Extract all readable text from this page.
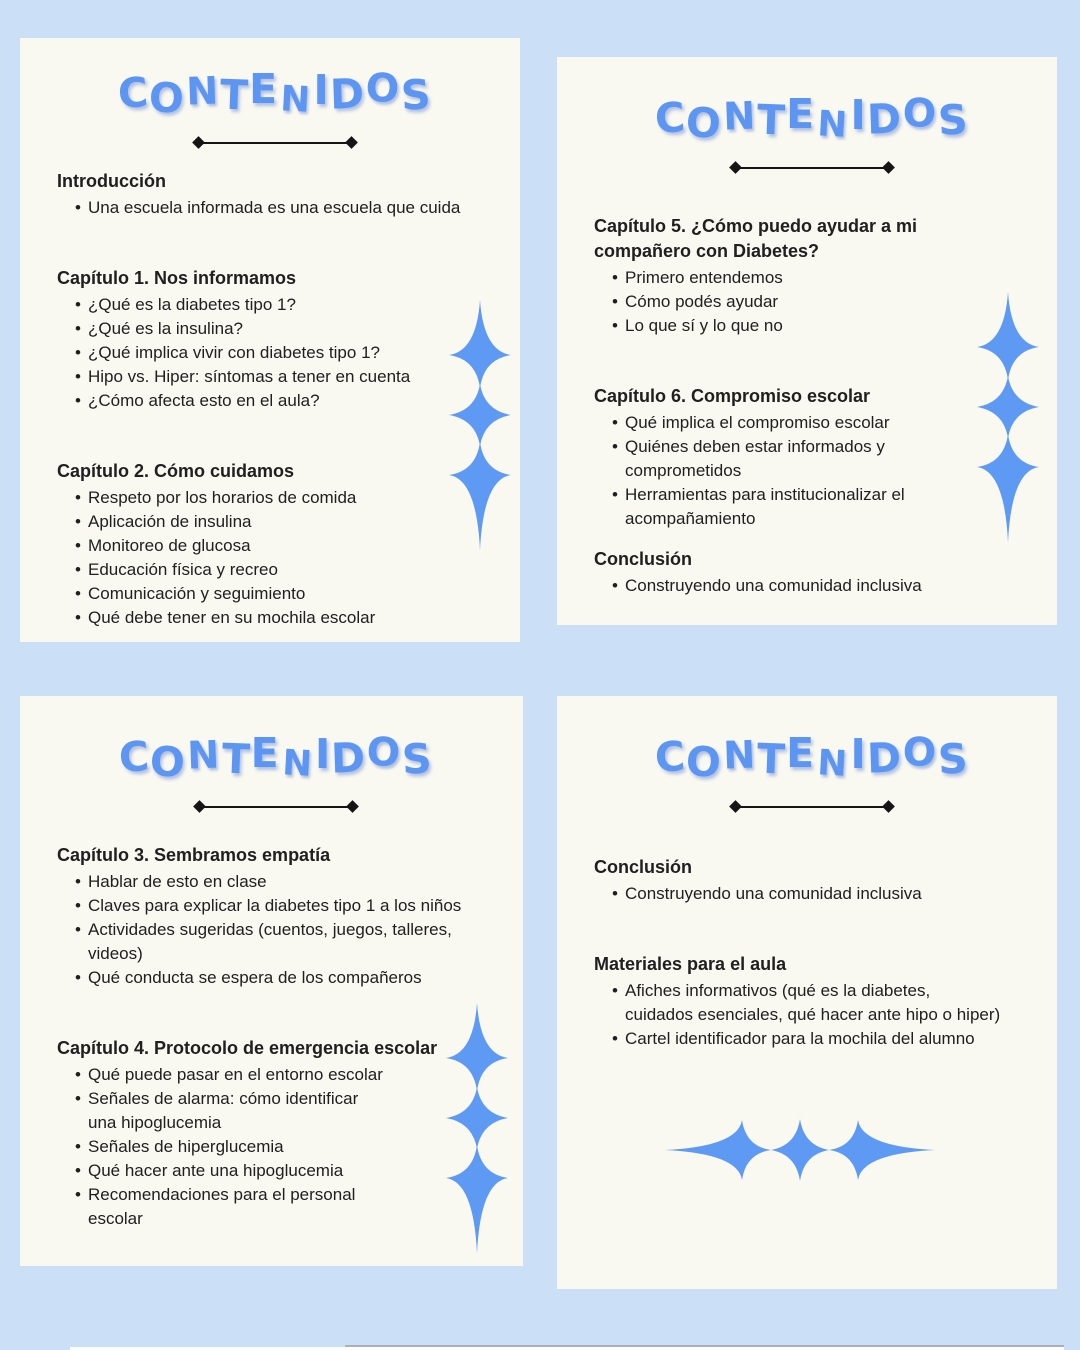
CONTENIDOS
Introducción
• Una escuela informada es una escuela que cuida
Capítulo 1. Nos informamos
• ¿Qué es la diabetes tipo 1?
• ¿Qué es la insulina?
• ¿Qué implica vivir con diabetes tipo 1?
• Hipo vs. Hiper: síntomas a tener en cuenta
• ¿Cómo afecta esto en el aula?
Capítulo 2. Cómo cuidamos
• Respeto por los horarios de comida
• Aplicación de insulina
• Monitoreo de glucosa
• Educación física y recreo
• Comunicación y seguimiento
• Qué debe tener en su mochila escolar
CONTENIDOS
Capítulo 5. ¿Cómo puedo ayudar a mi compañero con Diabetes?
• Primero entendemos
• Cómo podés ayudar
• Lo que sí y lo que no
Capítulo 6. Compromiso escolar
• Qué implica el compromiso escolar
• Quiénes deben estar informados y comprometidos
• Herramientas para institucionalizar el acompañamiento
Conclusión
• Construyendo una comunidad inclusiva
CONTENIDOS
Capítulo 3. Sembramos empatía
• Hablar de esto en clase
• Claves para explicar la diabetes tipo 1 a los niños
• Actividades sugeridas (cuentos, juegos, talleres, videos)
• Qué conducta se espera de los compañeros
Capítulo 4. Protocolo de emergencia escolar
• Qué puede pasar en el entorno escolar
• Señales de alarma: cómo identificar una hipoglucemia
• Señales de hiperglucemia
• Qué hacer ante una hipoglucemia
• Recomendaciones para el personal escolar
CONTENIDOS
Conclusión
• Construyendo una comunidad inclusiva
Materiales para el aula
• Afiches informativos (qué es la diabetes, cuidados esenciales, qué hacer ante hipo o hiper)
• Cartel identificador para la mochila del alumno
